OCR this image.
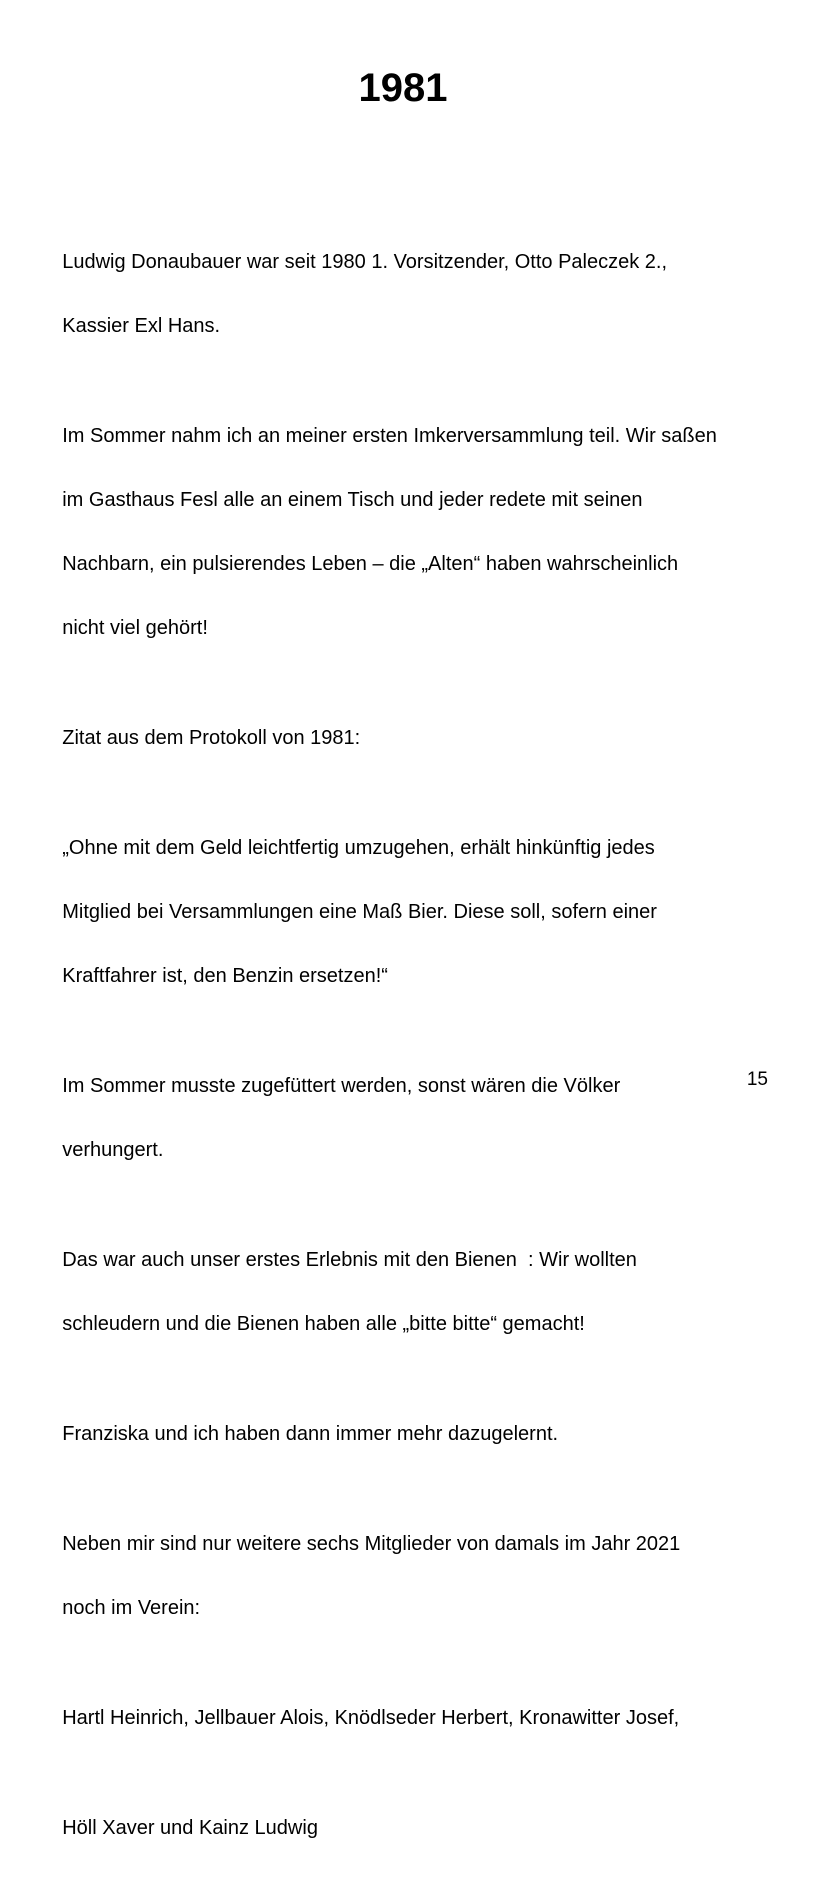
1981

Ludwig Donaubauer war seit 1980 1. Vorsitzender, Otto Paleczek 2.,

Kassier Exl Hans.

Im Sommer nahm ich an meiner ersten Imkerversammlung teil. Wir saßen

im Gasthaus Fesl alle an einem Tisch und jeder redete mit seinen

Nachbarn, ein pulsierendes Leben – die „Alten“ haben wahrscheinlich

nicht viel gehört!

Zitat aus dem Protokoll von 1981:

„Ohne mit dem Geld leichtfertig umzugehen, erhält hinkünftig jedes

Mitglied bei Versammlungen eine Maß Bier. Diese soll, sofern einer

Kraftfahrer ist, den Benzin ersetzen!“

Im Sommer musste zugefüttert werden, sonst wären die Völker

verhungert.

Das war auch unser erstes Erlebnis mit den Bienen  : Wir wollten

schleudern und die Bienen haben alle „bitte bitte“ gemacht!

Franziska und ich haben dann immer mehr dazugelernt.

Neben mir sind nur weitere sechs Mitglieder von damals im Jahr 2021

noch im Verein:

Hartl Heinrich, Jellbauer Alois, Knödlseder Herbert, Kronawitter Josef,

Höll Xaver und Kainz Ludwig

15
